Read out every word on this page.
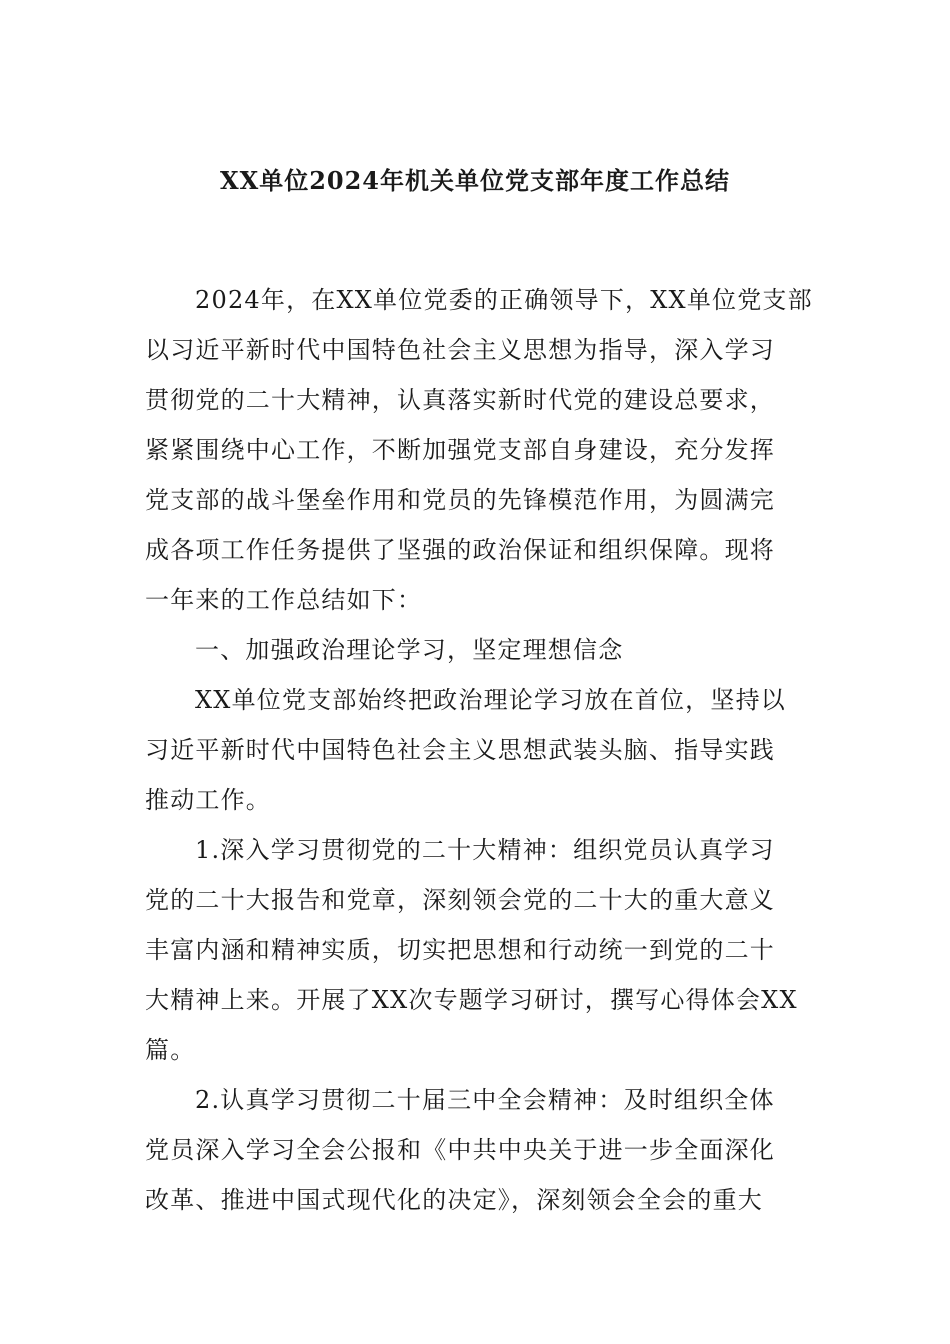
XX单位2024年机关单位党支部年度工作总结
2024年，在XX单位党委的正确领导下，XX单位党支部
以习近平新时代中国特色社会主义思想为指导，深入学习
贯彻党的二十大精神，认真落实新时代党的建设总要求，
紧紧围绕中心工作，不断加强党支部自身建设，充分发挥
党支部的战斗堡垒作用和党员的先锋模范作用，为圆满完
成各项工作任务提供了坚强的政治保证和组织保障。现将
一年来的工作总结如下：
一、加强政治理论学习，坚定理想信念
XX单位党支部始终把政治理论学习放在首位，坚持以
习近平新时代中国特色社会主义思想武装头脑、指导实践
推动工作。
1.深入学习贯彻党的二十大精神：组织党员认真学习
党的二十大报告和党章，深刻领会党的二十大的重大意义
丰富内涵和精神实质，切实把思想和行动统一到党的二十
大精神上来。开展了XX次专题学习研讨，撰写心得体会XX
篇。
2.认真学习贯彻二十届三中全会精神：及时组织全体
党员深入学习全会公报和《中共中央关于进一步全面深化
改革、推进中国式现代化的决定》，深刻领会全会的重大
